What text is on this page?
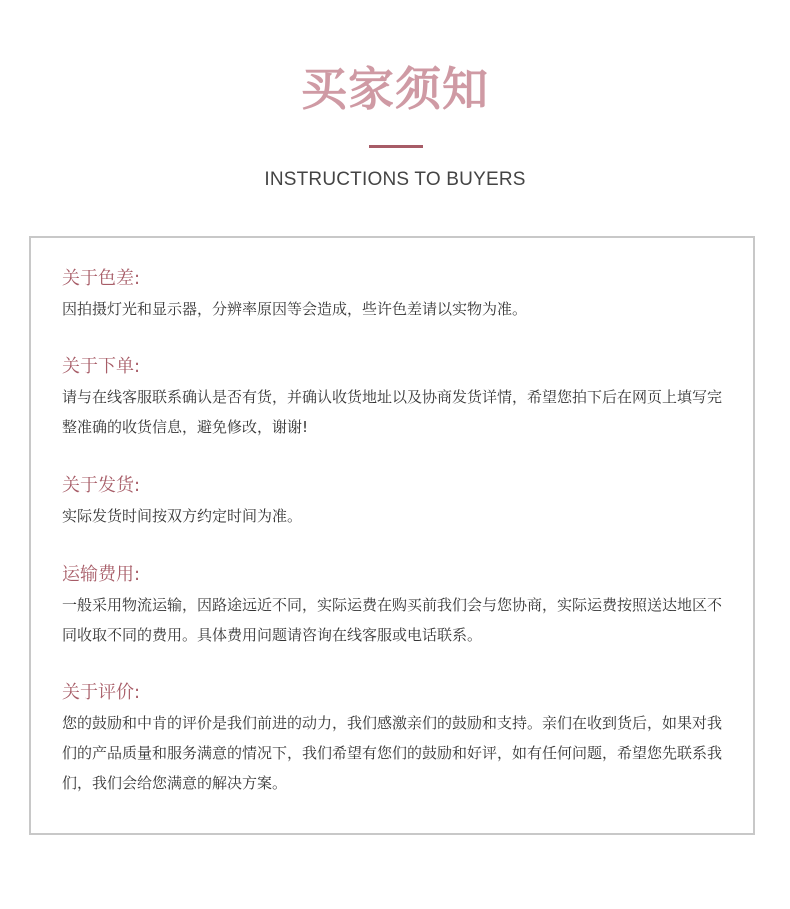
买家须知
INSTRUCTIONS TO BUYERS
关于色差:

因拍摄灯光和显示器，分辨率原因等会造成，些许色差请以实物为准。

关于下单:

请与在线客服联系确认是否有货，并确认收货地址以及协商发货详情，希望您拍下后在网页上填写完整准确的收货信息，避免修改，谢谢!

关于发货:

实际发货时间按双方约定时间为准。

运输费用:

一般采用物流运输，因路途远近不同，实际运费在购买前我们会与您协商，实际运费按照送达地区不同收取不同的费用。具体费用问题请咨询在线客服或电话联系。

关于评价:

您的鼓励和中肯的评价是我们前进的动力，我们感激亲们的鼓励和支持。亲们在收到货后，如果对我们的产品质量和服务满意的情况下，我们希望有您们的鼓励和好评，如有任何问题，希望您先联系我们，我们会给您满意的解决方案。
